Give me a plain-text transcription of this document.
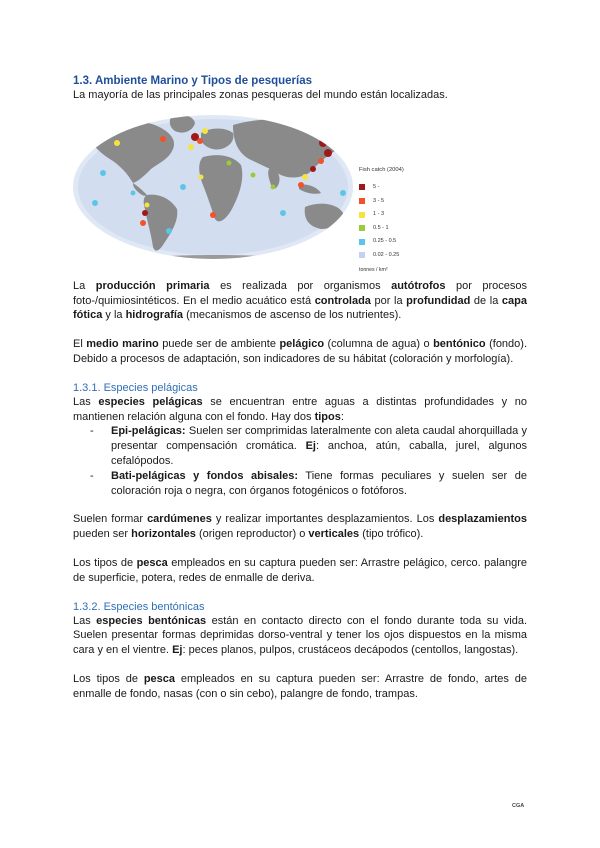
1.3. Ambiente Marino y Tipos de pesquerías

La mayoría de las principales zonas pesqueras del mundo están localizadas.

Fish catch (2004)
5 -
3 - 5
1 - 3
0.5 - 1
0.25 - 0.5
0.02 - 0.25
tonnes / km²

La producción primaria es realizada por organismos autótrofos por procesos foto-/quimiosintéticos. En el medio acuático está controlada por la profundidad de la capa fótica y la hidrografía (mecanismos de ascenso de los nutrientes).

El medio marino puede ser de ambiente pelágico (columna de agua) o bentónico (fondo). Debido a procesos de adaptación, son indicadores de su hábitat (coloración y morfología).

1.3.1. Especies pelágicas

Las especies pelágicas se encuentran entre aguas a distintas profundidades y no mantienen relación alguna con el fondo. Hay dos tipos:

- Epi-pelágicas: Suelen ser comprimidas lateralmente con aleta caudal ahorquillada y presentar compensación cromática. Ej: anchoa, atún, caballa, jurel, algunos cefalópodos.
- Bati-pelágicas y fondos abisales: Tiene formas peculiares y suelen ser de coloración roja o negra, con órganos fotogénicos o fotóforos.

Suelen formar cardúmenes y realizar importantes desplazamientos. Los desplazamientos pueden ser horizontales (origen reproductor) o verticales (tipo trófico).

Los tipos de pesca empleados en su captura pueden ser: Arrastre pelágico, cerco. palangre de superficie, potera, redes de enmalle de deriva.

1.3.2. Especies bentónicas

Las especies bentónicas están en contacto directo con el fondo durante toda su vida. Suelen presentar formas deprimidas dorso-ventral y tener los ojos dispuestos en la misma cara y en el vientre. Ej: peces planos, pulpos, crustáceos decápodos (centollos, langostas).

Los tipos de pesca empleados en su captura pueden ser: Arrastre de fondo, artes de enmalle de fondo, nasas (con o sin cebo), palangre de fondo, trampas.

CGA
